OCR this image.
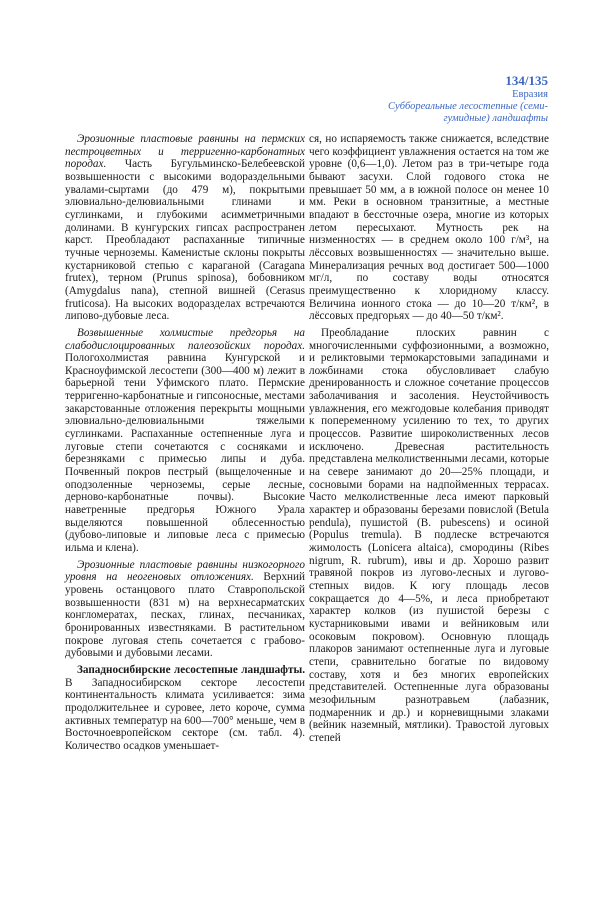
134/135
Евразия
Суббореальные лесостепные (семи-
гумидные) ландшафты

Эрозионные пластовые равнины на пермских пестроцветных и терригенно-карбонатных породах. Часть Бугульминско-Белебеевской возвышенности с высокими водораздельными увалами-сыртами (до 479 м), покрытыми элювиально-делювиальными глинами и суглинками, и глубокими асимметричными долинами. В кунгурских гипсах распространен карст. Преобладают распаханные типичные тучные черноземы. Каменистые склоны покрыты кустарниковой степью с караганой (Caragana frutex), терном (Prunus spinosa), бобовником (Amygdalus nana), степной вишней (Cerasus fruticosa). На высоких водоразделах встречаются липово-дубовые леса.

Возвышенные холмистые предгорья на слабодислоцированных палеозойских породах. Пологохолмистая равнина Кунгурской и Красноуфимской лесостепи (300—400 м) лежит в барьерной тени Уфимского плато. Пермские терригенно-карбонатные и гипсоносные, местами закарстованные отложения перекрыты мощными элювиально-делювиальными тяжелыми суглинками. Распаханные остепненные луга и луговые степи сочетаются с сосняками и березняками с примесью липы и дуба. Почвенный покров пестрый (выщелоченные и оподзоленные черноземы, серые лесные, дерново-карбонатные почвы). Высокие наветренные предгорья Южного Урала выделяются повышенной облесенностью (дубово-липовые и липовые леса с примесью ильма и клена).

Эрозионные пластовые равнины низкогорного уровня на неогеновых отложениях. Верхний уровень останцового плато Ставропольской возвышенности (831 м) на верхнесарматских конгломератах, песках, глинах, песчаниках, бронированных известняками. В растительном покрове луговая степь сочетается с грабово-дубовыми и дубовыми лесами.

Западносибирские лесостепные ландшафты. В Западносибирском секторе лесостепи континентальность климата усиливается: зима продолжительнее и суровее, лето короче, сумма активных температур на 600—700° меньше, чем в Восточноевропейском секторе (см. табл. 4). Количество осадков уменьшает-

ся, но испаряемость также снижается, вследствие чего коэффициент увлажнения остается на том же уровне (0,6—1,0). Летом раз в три-четыре года бывают засухи. Слой годового стока не превышает 50 мм, а в южной полосе он менее 10 мм. Реки в основном транзитные, а местные впадают в бессточные озера, многие из которых летом пересыхают. Мутность рек на низменностях — в среднем около 100 г/м³, на лёссовых возвышенностях — значительно выше. Минерализация речных вод достигает 500—1000 мг/л, по составу воды относятся преимущественно к хлоридному классу. Величина ионного стока — до 10—20 т/км², в лёссовых предгорьях — до 40—50 т/км².

Преобладание плоских равнин с многочисленными суффозионными, а возможно, и реликтовыми термокарстовыми западинами и ложбинами стока обусловливает слабую дренированность и сложное сочетание процессов заболачивания и засоления. Неустойчивость увлажнения, его межгодовые колебания приводят к попеременному усилению то тех, то других процессов. Развитие широколиственных лесов исключено. Древесная растительность представлена мелколиственными лесами, которые на севере занимают до 20—25% площади, и сосновыми борами на надпойменных террасах. Часто мелколиственные леса имеют парковый характер и образованы березами повислой (Betula pendula), пушистой (B. pubescens) и осиной (Populus tremula). В подлеске встречаются жимолость (Lonicera altaica), смородины (Ribes nigrum, R. rubrum), ивы и др. Хорошо развит травяной покров из лугово-лесных и лугово-степных видов. К югу площадь лесов сокращается до 4—5%, и леса приобретают характер колков (из пушистой березы с кустарниковыми ивами и вейниковым или осоковым покровом). Основную площадь плакоров занимают остепненные луга и луговые степи, сравнительно богатые по видовому составу, хотя и без многих европейских представителей. Остепненные луга образованы мезофильным разнотравьем (лабазник, подмаренник и др.) и корневищными злаками (вейник наземный, мятлики). Травостой луговых степей
